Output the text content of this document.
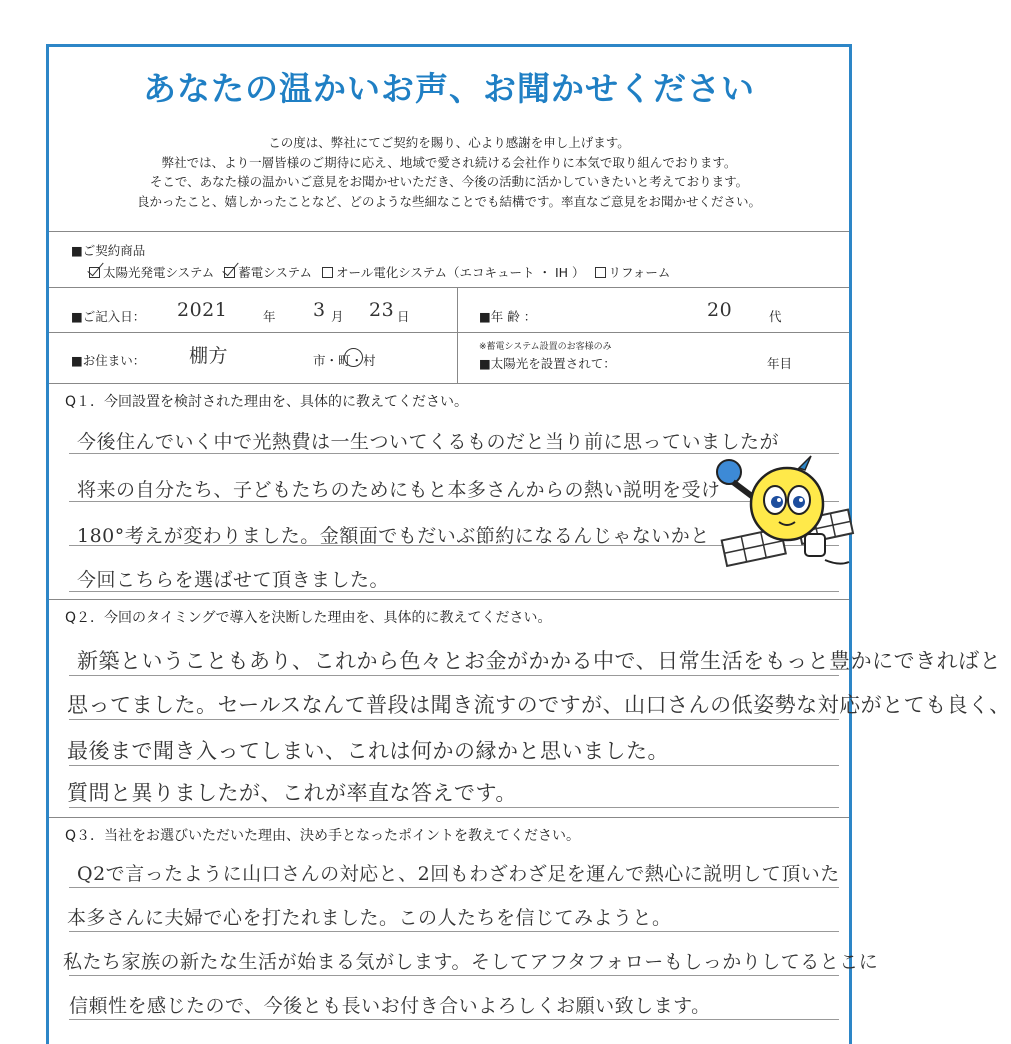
あなたの温かいお声、お聞かせください
この度は、弊社にてご契約を賜り、心より感謝を申し上げます。
弊社では、より一層皆様のご期待に応え、地域で愛され続ける会社作りに本気で取り組んでおります。
そこで、あなた様の温かいご意見をお聞かせいただき、今後の活動に活かしていきたいと考えております。
良かったこと、嬉しかったことなど、どのような些細なことでも結構です。率直なご意見をお聞かせください。
■ご契約商品
太陽光発電システム 蓄電システム オール電化システム（エコキュート ・ IH ） リフォーム
■ご記入日： 2021	年 3 月 23 日	■年 齢 ：	20	代
■お住まい： 棚方	市・町・村
※蓄電システム設置のお客様のみ
■太陽光を設置されて：	年目
Q１．今回設置を検討された理由を、具体的に教えてください。
今後住んでいく中で光熱費は一生ついてくるものだと当り前に思っていましたが
将来の自分たち、子どもたちのためにもと本多さんからの熱い説明を受け
180°考えが変わりました。金額面でもだいぶ節約になるんじゃないかと
今回こちらを選ばせて頂きました。
Q２．今回のタイミングで導入を決断した理由を、具体的に教えてください。
新築ということもあり、これから色々とお金がかかる中で、日常生活をもっと豊かにできればと
思ってました。セールスなんて普段は聞き流すのですが、山口さんの低姿勢な対応がとても良く、
最後まで聞き入ってしまい、これは何かの縁かと思いました。
質問と異りましたが、これが率直な答えです。
Q３．当社をお選びいただいた理由、決め手となったポイントを教えてください。
Q2で言ったように山口さんの対応と、2回もわざわざ足を運んで熱心に説明して頂いた
本多さんに夫婦で心を打たれました。この人たちを信じてみようと。
私たち家族の新たな生活が始まる気がします。そしてアフタフォローもしっかりしてるとこに
信頼性を感じたので、今後とも長いお付き合いよろしくお願い致します。
